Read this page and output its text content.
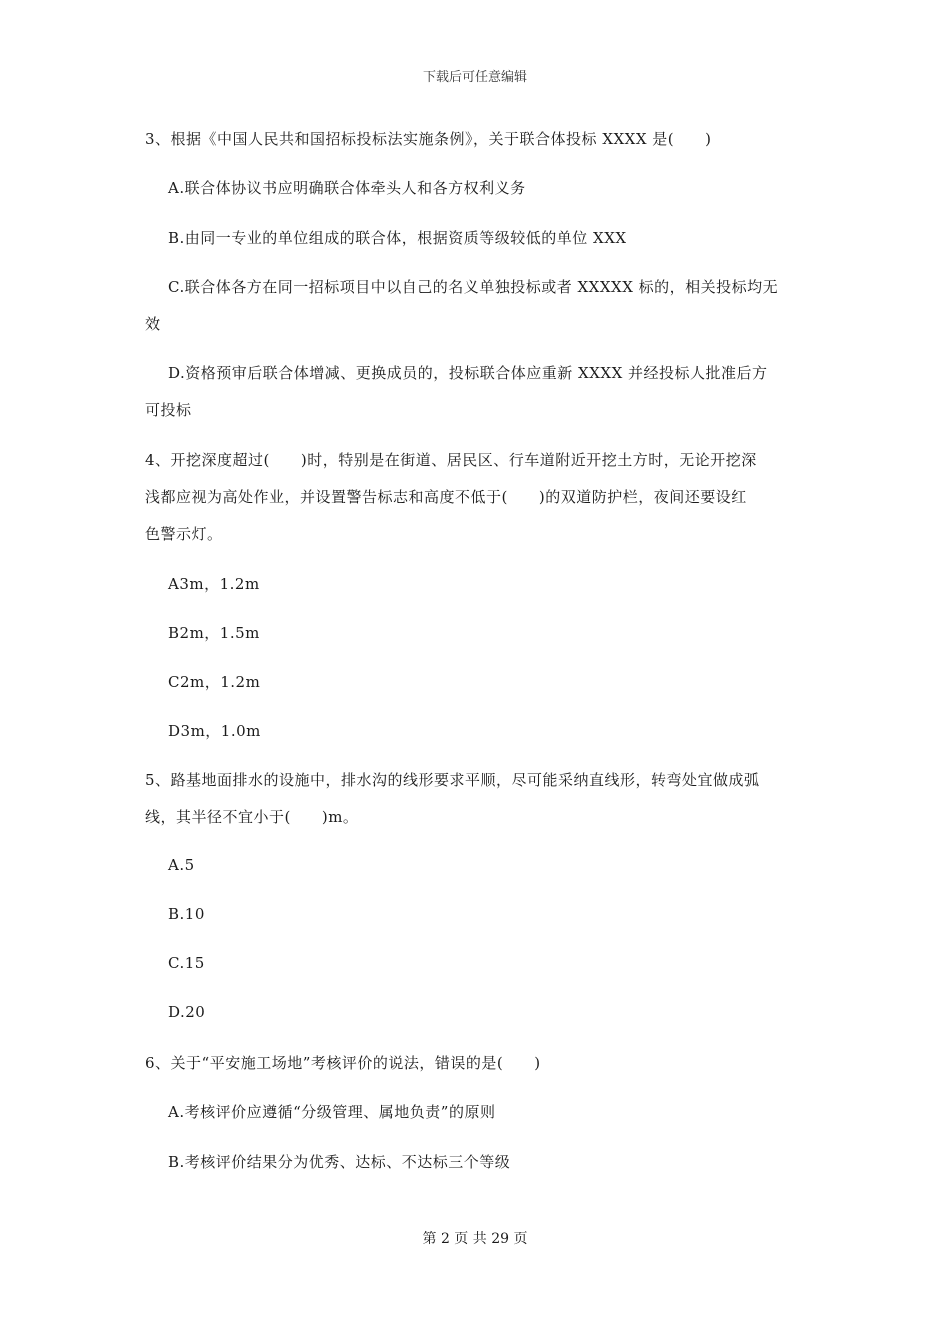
下载后可任意编辑
3、根据《中国人民共和国招标投标法实施条例》，关于联合体投标 XXXX 是(　　)
A.联合体协议书应明确联合体牵头人和各方权利义务
B.由同一专业的单位组成的联合体，根据资质等级较低的单位 XXX
C.联合体各方在同一招标项目中以自己的名义单独投标或者 XXXXX 标的，相关投标均无
效
D.资格预审后联合体增减、更换成员的，投标联合体应重新 XXXX 并经投标人批准后方
可投标
4、开挖深度超过(　　)时，特别是在街道、居民区、行车道附近开挖土方时，无论开挖深
浅都应视为高处作业，并设置警告标志和高度不低于(　　)的双道防护栏，夜间还要设红
色警示灯。
A3m，1.2m
B2m，1.5m
C2m，1.2m
D3m，1.0m
5、路基地面排水的设施中，排水沟的线形要求平顺，尽可能采纳直线形，转弯处宜做成弧
线，其半径不宜小于(　　)m。
A.5
B.10
C.15
D.20
6、关于“平安施工场地”考核评价的说法，错误的是(　　)
A.考核评价应遵循“分级管理、属地负责”的原则
B.考核评价结果分为优秀、达标、不达标三个等级
第 2 页 共 29 页
